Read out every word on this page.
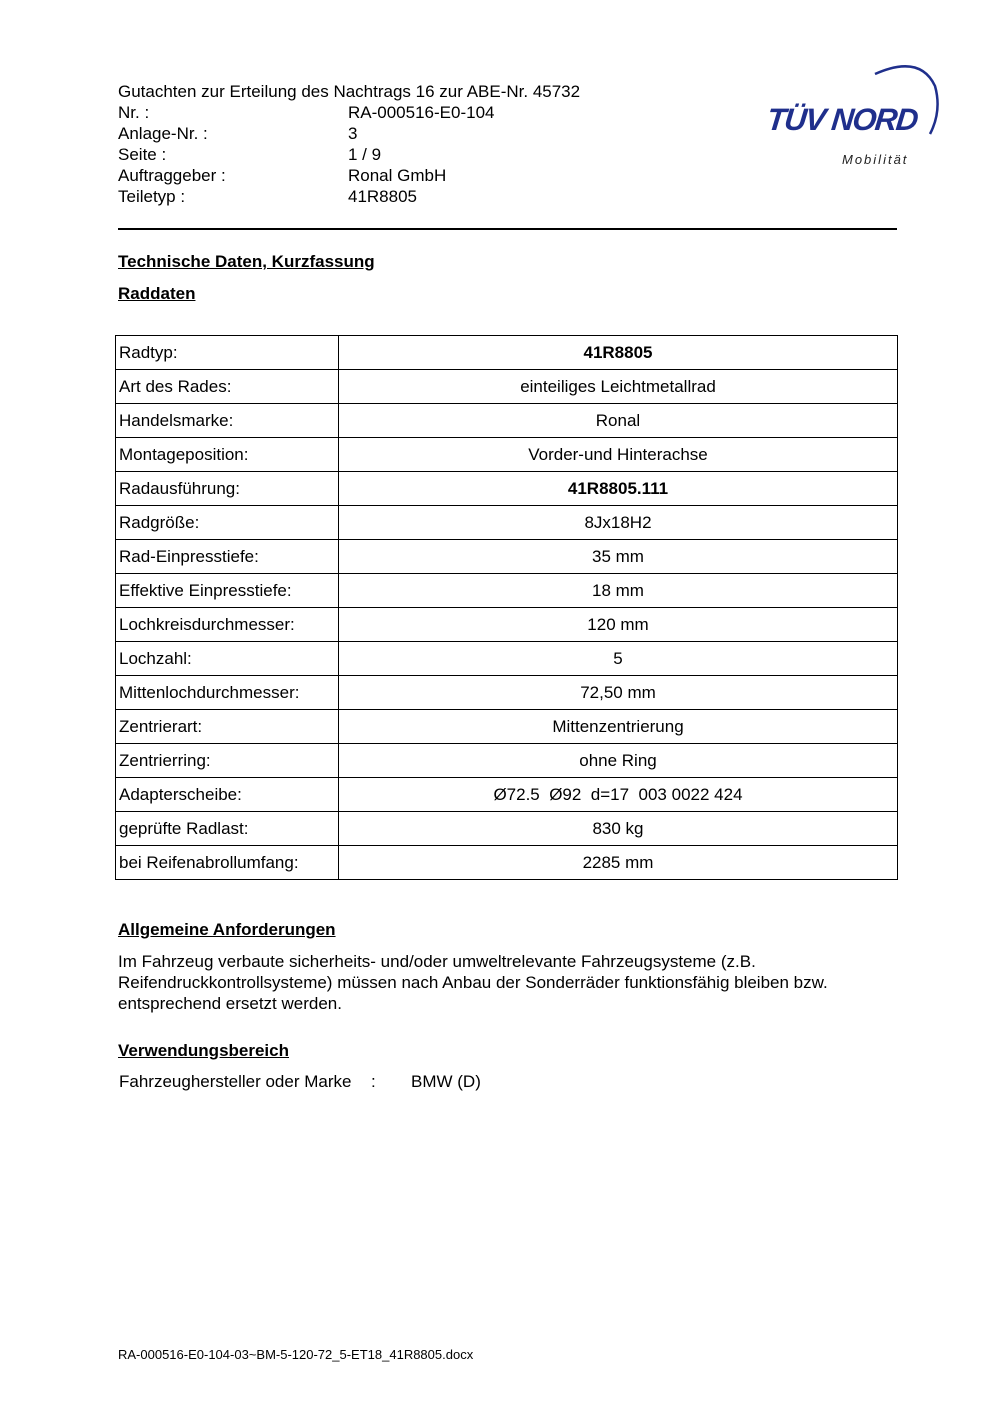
Gutachten zur Erteilung des Nachtrags 16 zur ABE-Nr. 45732
Nr. :	RA-000516-E0-104
Anlage-Nr. :	3
Seite :	1 / 9
Auftraggeber :	Ronal GmbH
Teiletyp :	41R8805
TÜV NORD
Mobilität
Technische Daten, Kurzfassung
Raddaten
Radtyp:	41R8805
Art des Rades:	einteiliges Leichtmetallrad
Handelsmarke:	Ronal
Montageposition:	Vorder-und Hinterachse
Radausführung:	41R8805.111
Radgröße:	8Jx18H2
Rad-Einpresstiefe:	35 mm
Effektive Einpresstiefe:	18 mm
Lochkreisdurchmesser:	120 mm
Lochzahl:	5
Mittenlochdurchmesser:	72,50 mm
Zentrierart:	Mittenzentrierung
Zentrierring:	ohne Ring
Adapterscheibe:	Ø72.5  Ø92  d=17  003 0022 424
geprüfte Radlast:	830 kg
bei Reifenabrollumfang:	2285 mm
Allgemeine Anforderungen
Im Fahrzeug verbaute sicherheits- und/oder umweltrelevante Fahrzeugsysteme (z.B. Reifendruckkontrollsysteme) müssen nach Anbau der Sonderräder funktionsfähig bleiben bzw. entsprechend ersetzt werden.
Verwendungsbereich
Fahrzeughersteller oder Marke	:	BMW (D)
RA-000516-E0-104-03~BM-5-120-72_5-ET18_41R8805.docx
